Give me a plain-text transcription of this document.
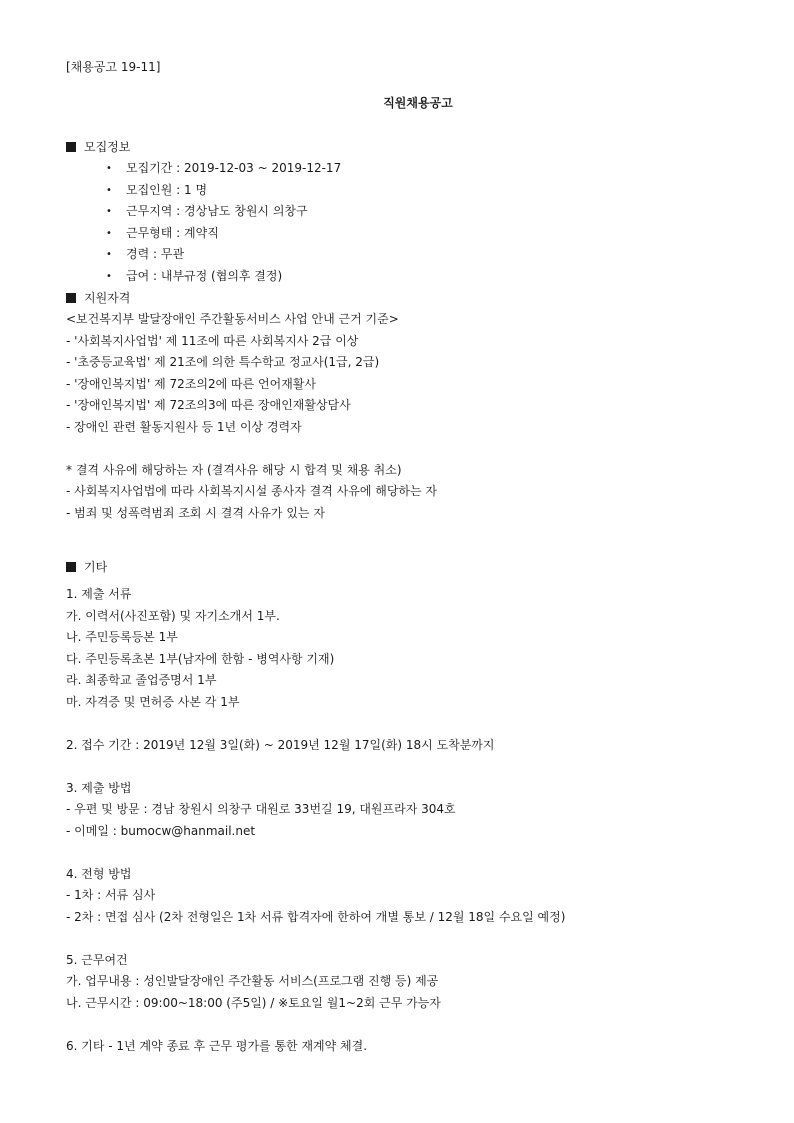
[채용공고 19-11]
직원채용공고
모집정보
• 모집기간 : 2019-12-03 ~ 2019-12-17
• 모집인원 : 1 명
• 근무지역 : 경상남도 창원시 의창구
• 근무형태 : 계약직
• 경력 : 무관
• 급여 : 내부규정 (협의후 결정)
지원자격
<보건복지부 발달장애인 주간활동서비스 사업 안내 근거 기준>
- '사회복지사업법' 제 11조에 따른 사회복지사 2급 이상
- '초중등교육법' 제 21조에 의한 특수학교 정교사(1급, 2급)
- '장애인복지법' 제 72조의2에 따른 언어재활사
- '장애인복지법' 제 72조의3에 따른 장애인재활상담사
- 장애인 관련 활동지원사 등 1년 이상 경력자
* 결격 사유에 해당하는 자 (결격사유 해당 시 합격 및 채용 취소)
- 사회복지사업법에 따라 사회복지시설 종사자 결격 사유에 해당하는 자
- 범죄 및 성폭력범죄 조회 시 결격 사유가 있는 자
기타
1. 제출 서류
가. 이력서(사진포함) 및 자기소개서 1부.
나. 주민등록등본 1부
다. 주민등록초본 1부(남자에 한함 - 병역사항 기재)
라. 최종학교 졸업증명서 1부
마. 자격증 및 면허증 사본 각 1부
2. 접수 기간 : 2019년 12월 3일(화) ~ 2019년 12월 17일(화) 18시 도착분까지
3. 제출 방법
- 우편 및 방문 : 경남 창원시 의창구 대원로 33번길 19, 대원프라자 304호
- 이메일 : bumocw@hanmail.net
4. 전형 방법
- 1차 : 서류 심사
- 2차 : 면접 심사 (2차 전형일은 1차 서류 합격자에 한하여 개별 통보 / 12월 18일 수요일 예정)
5. 근무여건
가. 업무내용 : 성인발달장애인 주간활동 서비스(프로그램 진행 등) 제공
나. 근무시간 : 09:00~18:00 (주5일) / ※토요일 월1~2회 근무 가능자
6. 기타 - 1년 계약 종료 후 근무 평가를 통한 재계약 체결.
